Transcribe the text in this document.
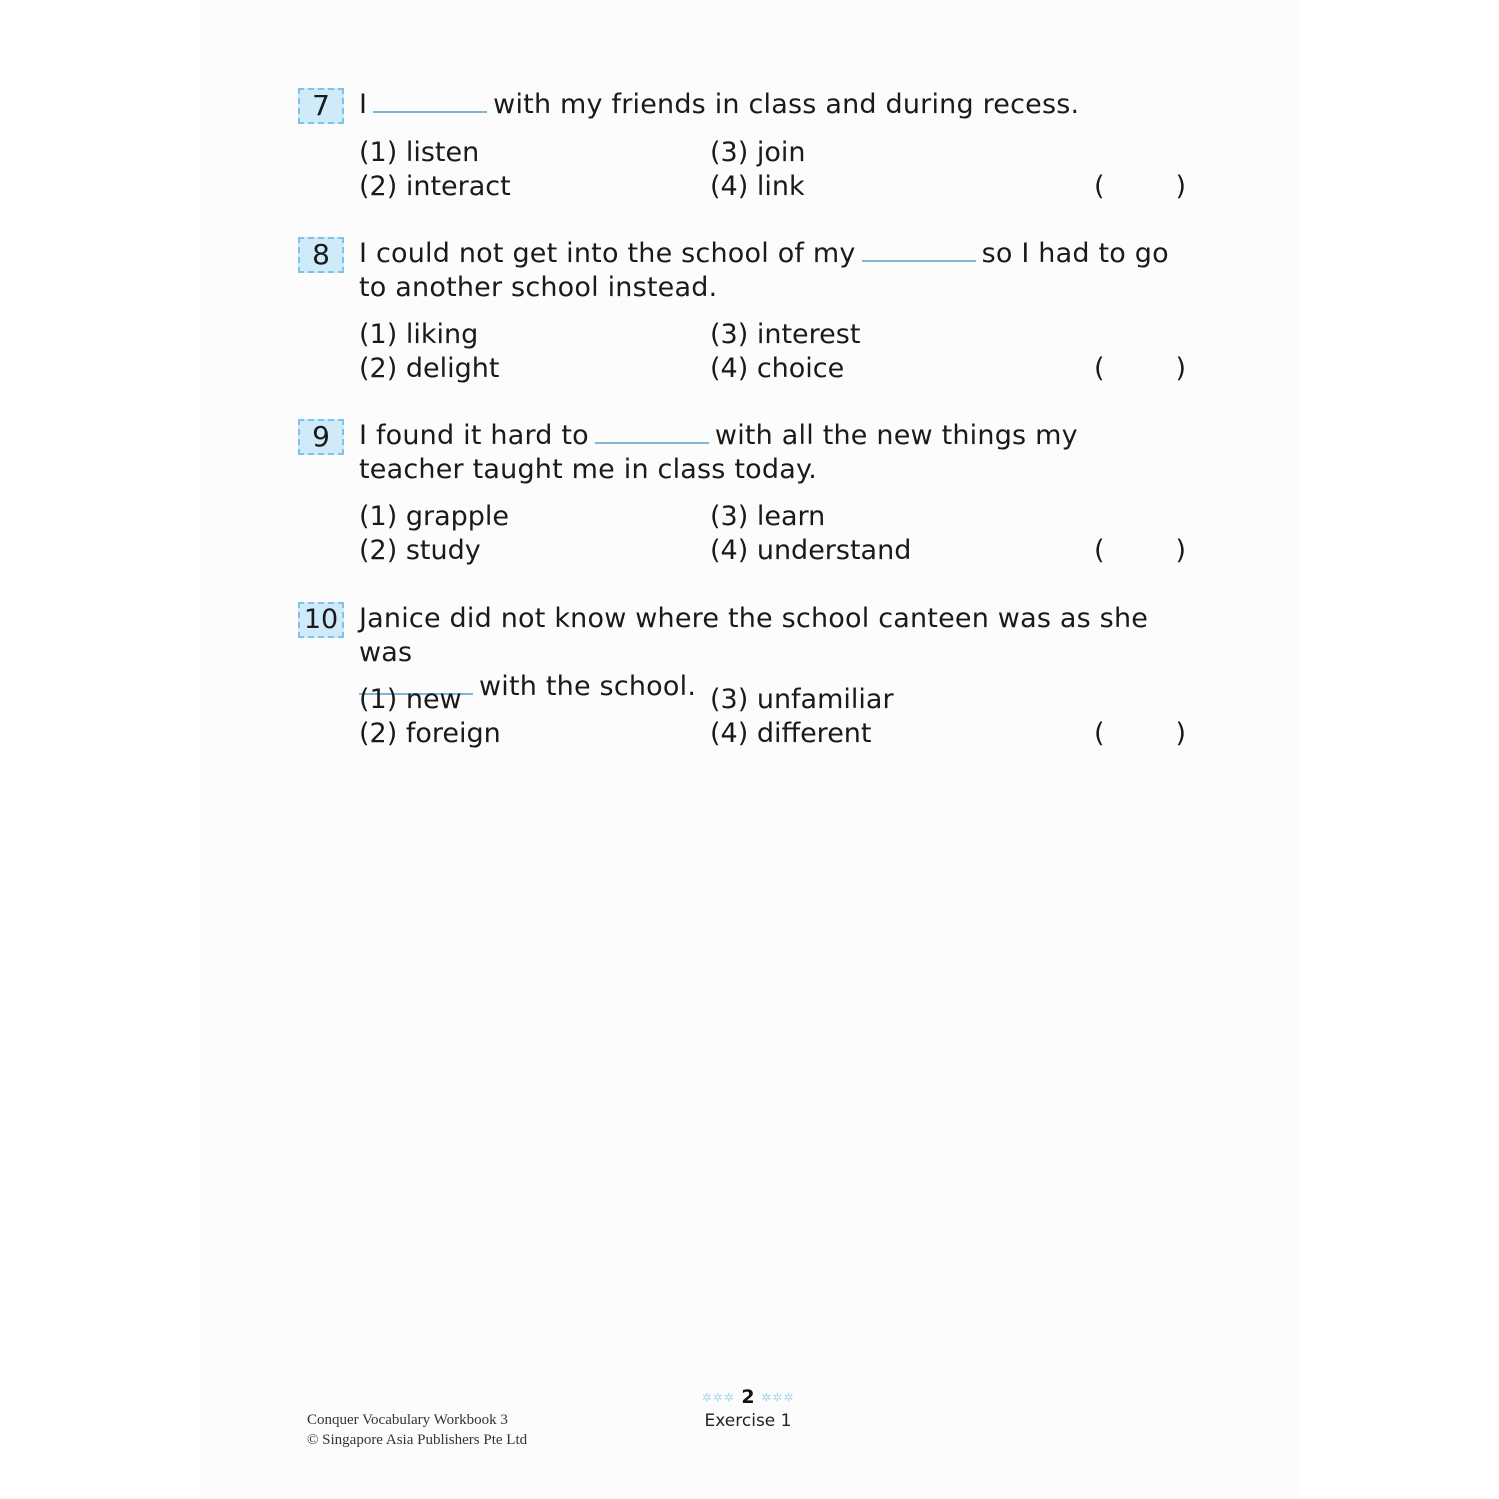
7	I	with my friends in class and during recess.
(1) listen
(2) interact
(3) join
(4) link	(	)
8	I could not get into the school of my	so I had to go to another school instead.
(1) liking
(2) delight
(3) interest
(4) choice	(	)
9	I found it hard to	with all the new things my teacher taught me in class today.
(1) grapple
(2) study
(3) learn
(4) understand	(	)
10 Janice did not know where the school canteen was as she was
with the school.
(1) new
(2) foreign
(3) unfamiliar
(4) different	(	)
Conquer Vocabulary Workbook 3
© Singapore Asia Publishers Pte Ltd
✲✲✲ 2 ✲✲✲
Exercise 1
